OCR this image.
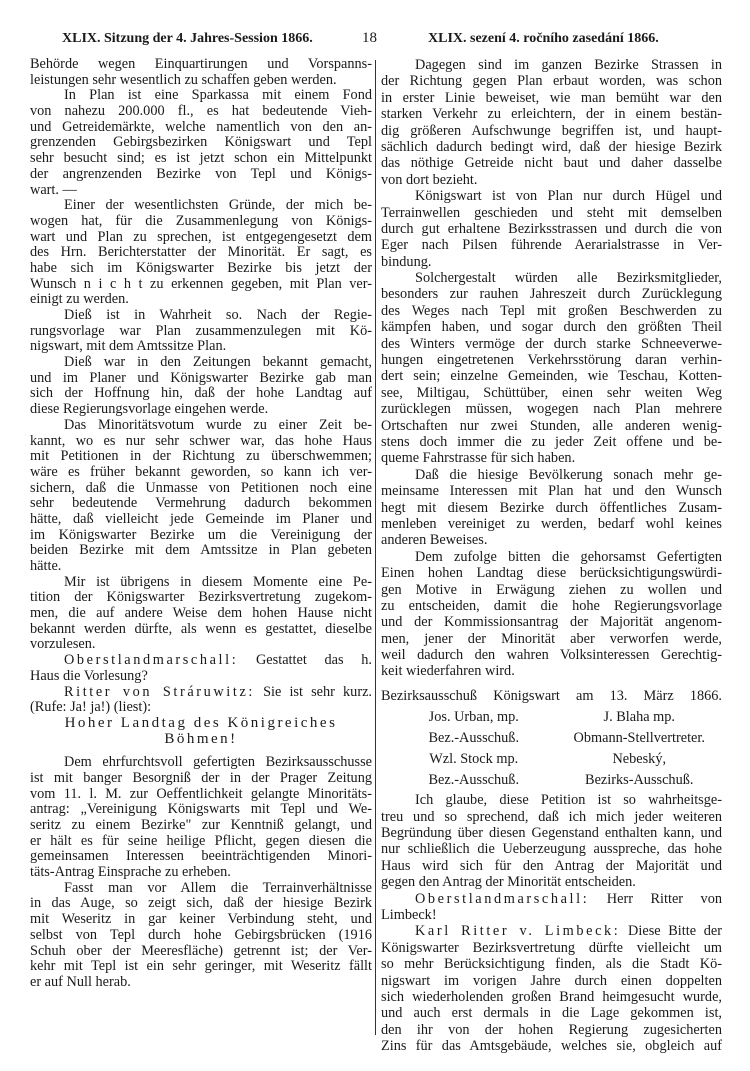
XLIX. Sitzung der 4. Jahres-Session 1866.	18	XLIX. sezení 4. ročního zasedání 1866.
Behörde wegen Einquartirungen und Vorspanns-
leistungen sehr wesentlich zu schaffen geben werden.
In Plan ist eine Sparkassa mit einem Fond
von nahezu 200.000 fl., es hat bedeutende Vieh-
und Getreidemärkte, welche namentlich von den an-
grenzenden Gebirgsbezirken Königswart und Tepl
sehr besucht sind; es ist jetzt schon ein Mittelpunkt
der angrenzenden Bezirke von Tepl und Königs-
wart. —
Einer der wesentlichsten Gründe, der mich be-
wogen hat, für die Zusammenlegung von Königs-
wart und Plan zu sprechen, ist entgegengesetzt dem
des Hrn. Berichterstatter der Minorität. Er sagt, es
habe sich im Königswarter Bezirke bis jetzt der
Wunsch n i c h t zu erkennen gegeben, mit Plan ver-
einigt zu werden.
Dieß ist in Wahrheit so. Nach der Regie-
rungsvorlage war Plan zusammenzulegen mit Kö-
nigswart, mit dem Amtssitze Plan.
Dieß war in den Zeitungen bekannt gemacht,
und im Planer und Königswarter Bezirke gab man
sich der Hoffnung hin, daß der hohe Landtag auf
diese Regierungsvorlage eingehen werde.
Das Minoritätsvotum wurde zu einer Zeit be-
kannt, wo es nur sehr schwer war, das hohe Haus
mit Petitionen in der Richtung zu überschwemmen;
wäre es früher bekannt geworden, so kann ich ver-
sichern, daß die Unmasse von Petitionen noch eine
sehr bedeutende Vermehrung dadurch bekommen
hätte, daß vielleicht jede Gemeinde im Planer und
im Königswarter Bezirke um die Vereinigung der
beiden Bezirke mit dem Amtssitze in Plan gebeten
hätte.
Mir ist übrigens in diesem Momente eine Pe-
tition der Königswarter Bezirksvertretung zugekom-
men, die auf andere Weise dem hohen Hause nicht
bekannt werden dürfte, als wenn es gestattet, dieselbe
vorzulesen.
Oberstlandmarschall: Gestattet das h.
Haus die Vorlesung?
Ritter von Stráruwitz: Sie ist sehr kurz.
(Rufe: Ja! ja!) (liest):
Hoher Landtag des Königreiches
Böhmen!
Dem ehrfurchtsvoll gefertigten Bezirksausschusse
ist mit banger Besorgniß der in der Prager Zeitung
vom 11. l. M. zur Oeffentlichkeit gelangte Minoritäts-
antrag: „Vereinigung Königswarts mit Tepl und We-
seritz zu einem Bezirke" zur Kenntniß gelangt, und
er hält es für seine heilige Pflicht, gegen diesen die
gemeinsamen Interessen beeinträchtigenden Minori-
täts-Antrag Einsprache zu erheben.
Fasst man vor Allem die Terrainverhältnisse
in das Auge, so zeigt sich, daß der hiesige Bezirk
mit Weseritz in gar keiner Verbindung steht, und
selbst von Tepl durch hohe Gebirgsbrücken (1916
Schuh ober der Meeresfläche) getrennt ist; der Ver-
kehr mit Tepl ist ein sehr geringer, mit Weseritz fällt
er auf Null herab.
Dagegen sind im ganzen Bezirke Strassen in
der Richtung gegen Plan erbaut worden, was schon
in erster Linie beweiset, wie man bemüht war den
starken Verkehr zu erleichtern, der in einem bestän-
dig größeren Aufschwunge begriffen ist, und haupt-
sächlich dadurch bedingt wird, daß der hiesige Bezirk
das nöthige Getreide nicht baut und daher dasselbe
von dort bezieht.
Königswart ist von Plan nur durch Hügel und
Terrainwellen geschieden und steht mit demselben
durch gut erhaltene Bezirksstrassen und durch die von
Eger nach Pilsen führende Aerarialstrasse in Ver-
bindung.
Solchergestalt würden alle Bezirksmitglieder,
besonders zur rauhen Jahreszeit durch Zurücklegung
des Weges nach Tepl mit großen Beschwerden zu
kämpfen haben, und sogar durch den größten Theil
des Winters vermöge der durch starke Schneeverwe-
hungen eingetretenen Verkehrsstörung daran verhin-
dert sein; einzelne Gemeinden, wie Teschau, Kotten-
see, Miltigau, Schüttüber, einen sehr weiten Weg
zurücklegen müssen, wogegen nach Plan mehrere
Ortschaften nur zwei Stunden, alle anderen wenig-
stens doch immer die zu jeder Zeit offene und be-
queme Fahrstrasse für sich haben.
Daß die hiesige Bevölkerung sonach mehr ge-
meinsame Interessen mit Plan hat und den Wunsch
hegt mit diesem Bezirke durch öffentliches Zusam-
menleben vereiniget zu werden, bedarf wohl keines
anderen Beweises.
Dem zufolge bitten die gehorsamst Gefertigten
Einen hohen Landtag diese berücksichtigungswürdi-
gen Motive in Erwägung ziehen zu wollen und
zu entscheiden, damit die hohe Regierungsvorlage
und der Kommissionsantrag der Majorität angenom-
men, jener der Minorität aber verworfen werde,
weil dadurch den wahren Volksinteressen Gerechtig-
keit wiederfahren wird.
Bezirksausschuß Königswart am 13. März 1866.
Jos. Urban, mp.	J. Blaha mp.
Bez.-Ausschuß.	Obmann-Stellvertreter.
Wzl. Stock mp.	Nebeský,
Bez.-Ausschuß.	Bezirks-Ausschuß.
Ich glaube, diese Petition ist so wahrheitsge-
treu und so sprechend, daß ich mich jeder weiteren
Begründung über diesen Gegenstand enthalten kann, und
nur schließlich die Ueberzeugung ausspreche, das hohe
Haus wird sich für den Antrag der Majorität und
gegen den Antrag der Minorität entscheiden.
Oberstlandmarschall: Herr Ritter von
Limbeck!
Karl Ritter v. Limbeck: Diese Bitte der
Königswarter Bezirksvertretung dürfte vielleicht um
so mehr Berücksichtigung finden, als die Stadt Kö-
nigswart im vorigen Jahre durch einen doppelten
sich wiederholenden großen Brand heimgesucht wurde,
und auch erst dermals in die Lage gekommen ist,
den ihr von der hohen Regierung zugesicherten
Zins für das Amtsgebäude, welches sie, obgleich auf
